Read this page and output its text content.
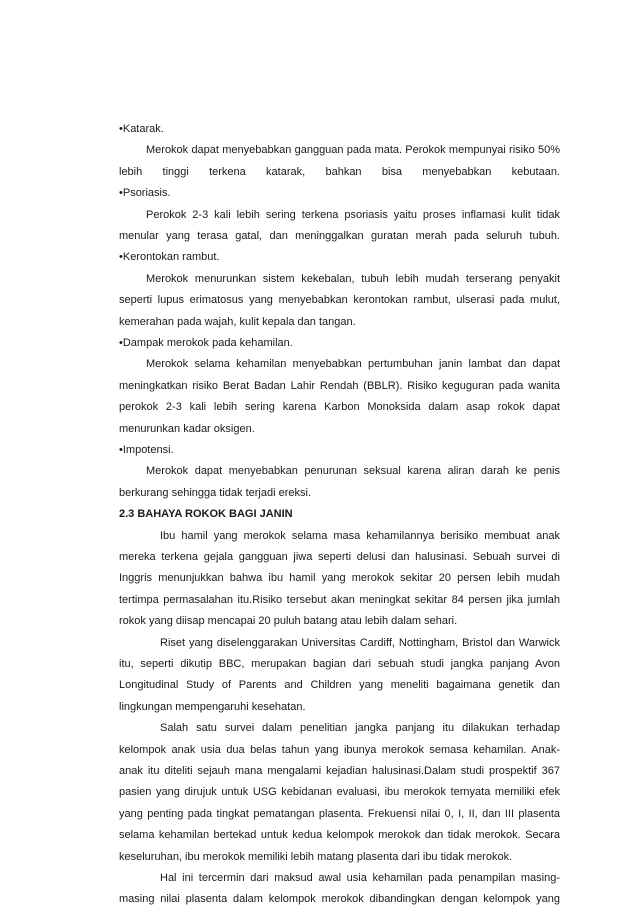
•Katarak.
Merokok dapat menyebabkan gangguan pada mata. Perokok mempunyai risiko 50%
lebih tinggi terkena katarak, bahkan bisa menyebabkan kebutaan.
•Psoriasis.
Perokok 2-3 kali lebih sering terkena psoriasis yaitu proses inflamasi kulit tidak
menular yang terasa gatal, dan meninggalkan guratan merah pada seluruh tubuh.
•Kerontokan rambut.
Merokok menurunkan sistem kekebalan, tubuh lebih mudah terserang penyakit
seperti lupus erimatosus yang menyebabkan kerontokan rambut, ulserasi pada mulut,
kemerahan pada wajah, kulit kepala dan tangan.
•Dampak merokok pada kehamilan.
Merokok selama kehamilan menyebabkan pertumbuhan janin lambat dan dapat
meningkatkan risiko Berat Badan Lahir Rendah (BBLR). Risiko keguguran pada wanita
perokok 2-3 kali lebih sering karena Karbon Monoksida dalam asap rokok dapat
menurunkan kadar oksigen.
•Impotensi.
Merokok dapat menyebabkan penurunan seksual karena aliran darah ke penis
berkurang sehingga tidak terjadi ereksi.
2.3 BAHAYA ROKOK BAGI JANIN
Ibu hamil yang merokok selama masa kehamilannya berisiko membuat anak
mereka terkena gejala gangguan jiwa seperti delusi dan halusinasi. Sebuah survei di
Inggris menunjukkan bahwa ibu hamil yang merokok sekitar 20 persen lebih mudah
tertimpa permasalahan itu.Risiko tersebut akan meningkat sekitar 84 persen jika jumlah
rokok yang diisap mencapai 20 puluh batang atau lebih dalam sehari.
Riset yang diselenggarakan Universitas Cardiff, Nottingham, Bristol dan Warwick
itu, seperti dikutip BBC, merupakan bagian dari sebuah studi jangka panjang Avon
Longitudinal Study of Parents and Children yang meneliti bagaimana genetik dan
lingkungan mempengaruhi kesehatan.
Salah satu survei dalam penelitian jangka panjang itu dilakukan terhadap
kelompok anak usia dua belas tahun yang ibunya merokok semasa kehamilan. Anak-
anak itu diteliti sejauh mana mengalami kejadian halusinasi.Dalam studi prospektif 367
pasien yang dirujuk untuk USG kebidanan evaluasi, ibu merokok ternyata memiliki efek
yang penting pada tingkat pematangan plasenta. Frekuensi nilai 0, I, II, dan III plasenta
selama kehamilan bertekad untuk kedua kelompok merokok dan tidak merokok. Secara
keseluruhan, ibu merokok memiliki lebih matang plasenta dari ibu tidak merokok.
Hal ini tercermin dari maksud awal usia kehamilan pada penampilan masing-
masing nilai plasenta dalam kelompok merokok dibandingkan dengan kelompok yang
